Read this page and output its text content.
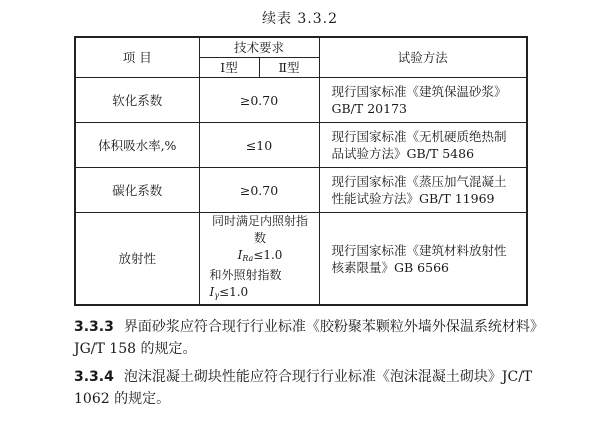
续表 3.3.2
项 目	技术要求		试验方法
	Ⅰ型	Ⅱ型	
软化系数	≥0.70		现行国家标准《建筑保温砂浆》GB/T 20173
体积吸水率,%	≤10		现行国家标准《无机硬质绝热制品试验方法》GB/T 5486
碳化系数	≥0.70		现行国家标准《蒸压加气混凝土性能试验方法》GB/T 11969
放射性	同时满足内照射指数
$I_{Ra}\le 1.0$
和外照射指数$I_\gamma\le 1.0$		现行国家标准《建筑材料放射性核素限量》GB 6566
3.3.3 界面砂浆应符合现行行业标准《胶粉聚苯颗粒外墙外保温系统材料》JG/T 158 的规定。
3.3.4 泡沫混凝土砌块性能应符合现行行业标准《泡沫混凝土砌块》JC/T 1062 的规定。
